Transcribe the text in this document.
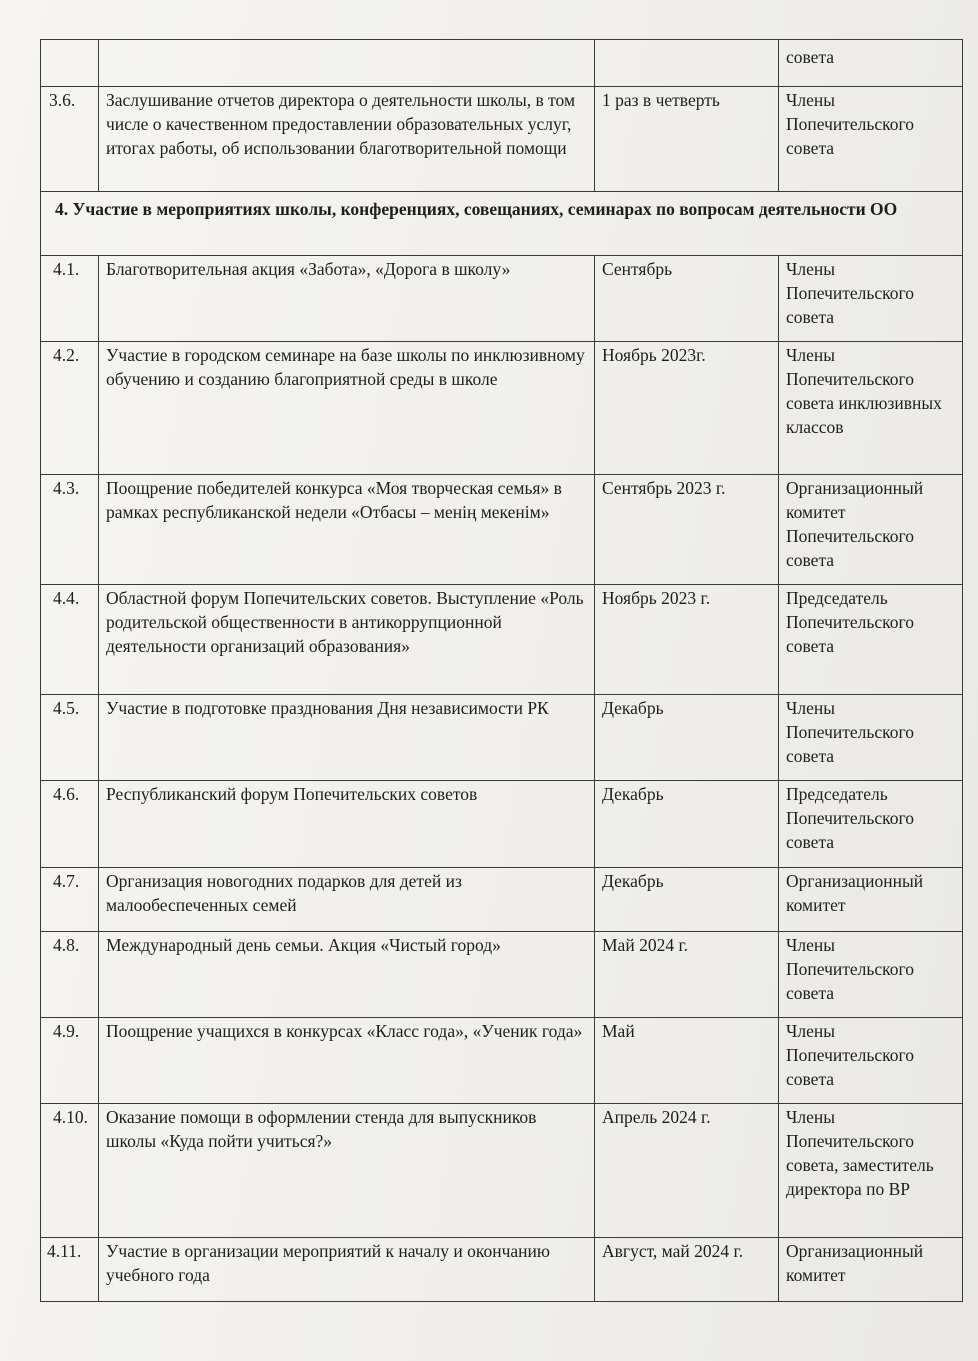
			совета
3.6.	Заслушивание отчетов директора о деятельности школы, в том числе о качественном предоставлении образовательных услуг, итогах работы, об использовании благотворительной помощи	1 раз в четверть	Члены Попечительского совета
4. Участие в мероприятиях школы, конференциях, совещаниях, семинарах по вопросам деятельности ОО			
4.1.	Благотворительная акция «Забота», «Дорога в школу»	Сентябрь	Члены Попечительского совета
4.2.	Участие в городском семинаре на базе школы по инклюзивному обучению и созданию благоприятной среды в школе	Ноябрь 2023г.	Члены Попечительского совета инклюзивных классов
4.3.	Поощрение победителей конкурса «Моя творческая семья» в рамках республиканской недели «Отбасы – менің мекенім»	Сентябрь 2023 г.	Организационный комитет Попечительского совета
4.4.	Областной форум Попечительских советов. Выступление «Роль родительской общественности в антикоррупционной деятельности организаций образования»	Ноябрь 2023 г.	Председатель Попечительского совета
4.5.	Участие в подготовке празднования Дня независимости РК	Декабрь	Члены Попечительского совета
4.6.	Республиканский форум Попечительских советов	Декабрь	Председатель Попечительского совета
4.7.	Организация новогодних подарков для детей из малообеспеченных семей	Декабрь	Организационный комитет
4.8.	Международный день семьи. Акция «Чистый город»	Май 2024 г.	Члены Попечительского совета
4.9.	Поощрение учащихся в конкурсах «Класс года», «Ученик года»	Май	Члены Попечительского совета
4.10.	Оказание помощи в оформлении стенда для выпускников школы «Куда пойти учиться?»	Апрель 2024 г.	Члены Попечительского совета, заместитель директора по ВР
4.11.	Участие в организации мероприятий к началу и окончанию учебного года	Август, май 2024 г.	Организационный комитет
